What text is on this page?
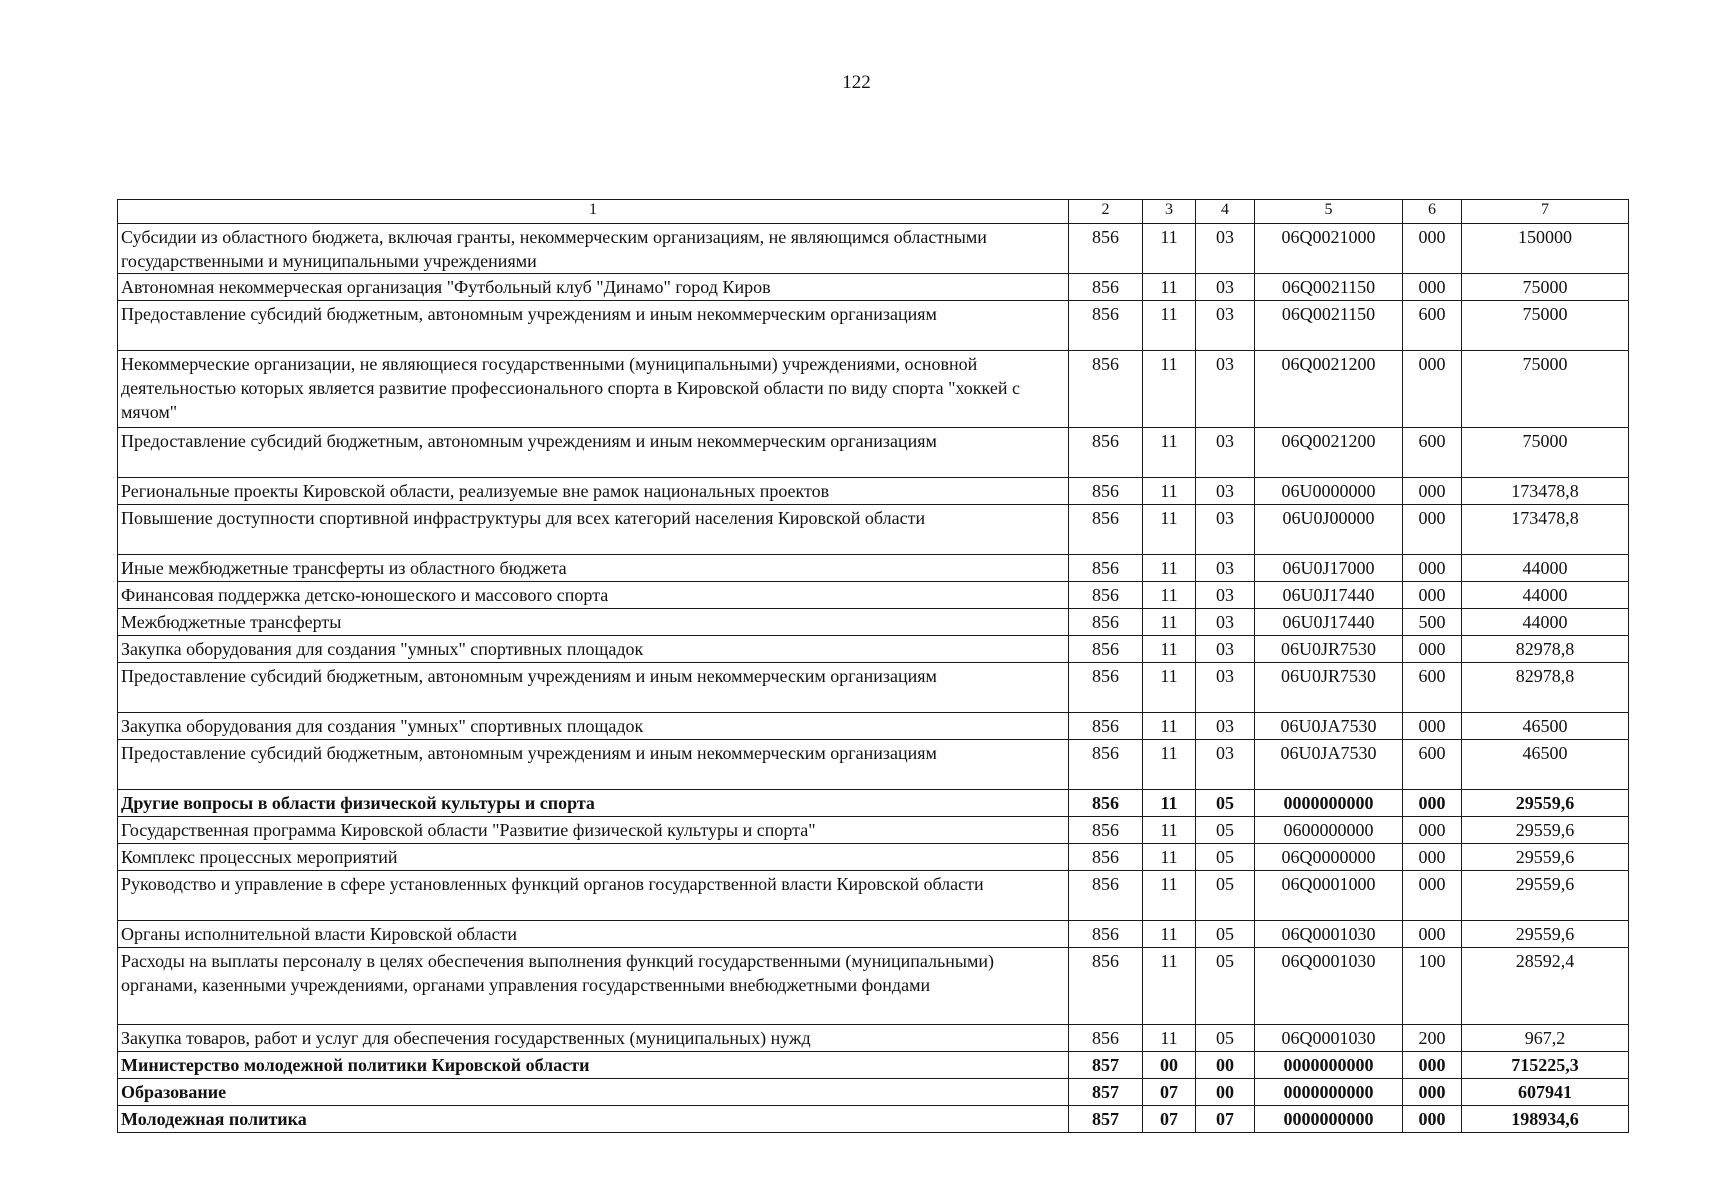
122
1	2	3	4	5	6	7
Субсидии из областного бюджета, включая гранты, некоммерческим организациям, не являющимся областными государственными и муниципальными учреждениями	856	11	03	06Q0021000	000	150000
Автономная некоммерческая организация "Футбольный клуб "Динамо" город Киров	856	11	03	06Q0021150	000	75000
Предоставление субсидий бюджетным, автономным учреждениям и иным некоммерческим организациям	856	11	03	06Q0021150	600	75000
Некоммерческие организации, не являющиеся государственными (муниципальными) учреждениями, основной деятельностью которых является развитие профессионального спорта в Кировской области по виду спорта "хоккей с мячом"	856	11	03	06Q0021200	000	75000
Предоставление субсидий бюджетным, автономным учреждениям и иным некоммерческим организациям	856	11	03	06Q0021200	600	75000
Региональные проекты Кировской области, реализуемые вне рамок национальных проектов	856	11	03	06U0000000	000	173478,8
Повышение доступности спортивной инфраструктуры для всех категорий населения Кировской области	856	11	03	06U0J00000	000	173478,8
Иные межбюджетные трансферты из областного бюджета	856	11	03	06U0J17000	000	44000
Финансовая поддержка детско-юношеского и массового спорта	856	11	03	06U0J17440	000	44000
Межбюджетные трансферты	856	11	03	06U0J17440	500	44000
Закупка оборудования для создания "умных" спортивных площадок	856	11	03	06U0JR7530	000	82978,8
Предоставление субсидий бюджетным, автономным учреждениям и иным некоммерческим организациям	856	11	03	06U0JR7530	600	82978,8
Закупка оборудования для создания "умных" спортивных площадок	856	11	03	06U0JA7530	000	46500
Предоставление субсидий бюджетным, автономным учреждениям и иным некоммерческим организациям	856	11	03	06U0JA7530	600	46500
Другие вопросы в области физической культуры и спорта	856	11	05	0000000000	000	29559,6
Государственная программа Кировской области "Развитие физической культуры и спорта"	856	11	05	0600000000	000	29559,6
Комплекс процессных мероприятий	856	11	05	06Q0000000	000	29559,6
Руководство и управление в сфере установленных функций органов государственной власти Кировской области	856	11	05	06Q0001000	000	29559,6
Органы исполнительной власти Кировской области	856	11	05	06Q0001030	000	29559,6
Расходы на выплаты персоналу в целях обеспечения выполнения функций государственными (муниципальными) органами, казенными учреждениями, органами управления государственными внебюджетными фондами	856	11	05	06Q0001030	100	28592,4
Закупка товаров, работ и услуг для обеспечения государственных (муниципальных) нужд	856	11	05	06Q0001030	200	967,2
Министерство молодежной политики Кировской области	857	00	00	0000000000	000	715225,3
Образование	857	07	00	0000000000	000	607941
Молодежная политика	857	07	07	0000000000	000	198934,6
